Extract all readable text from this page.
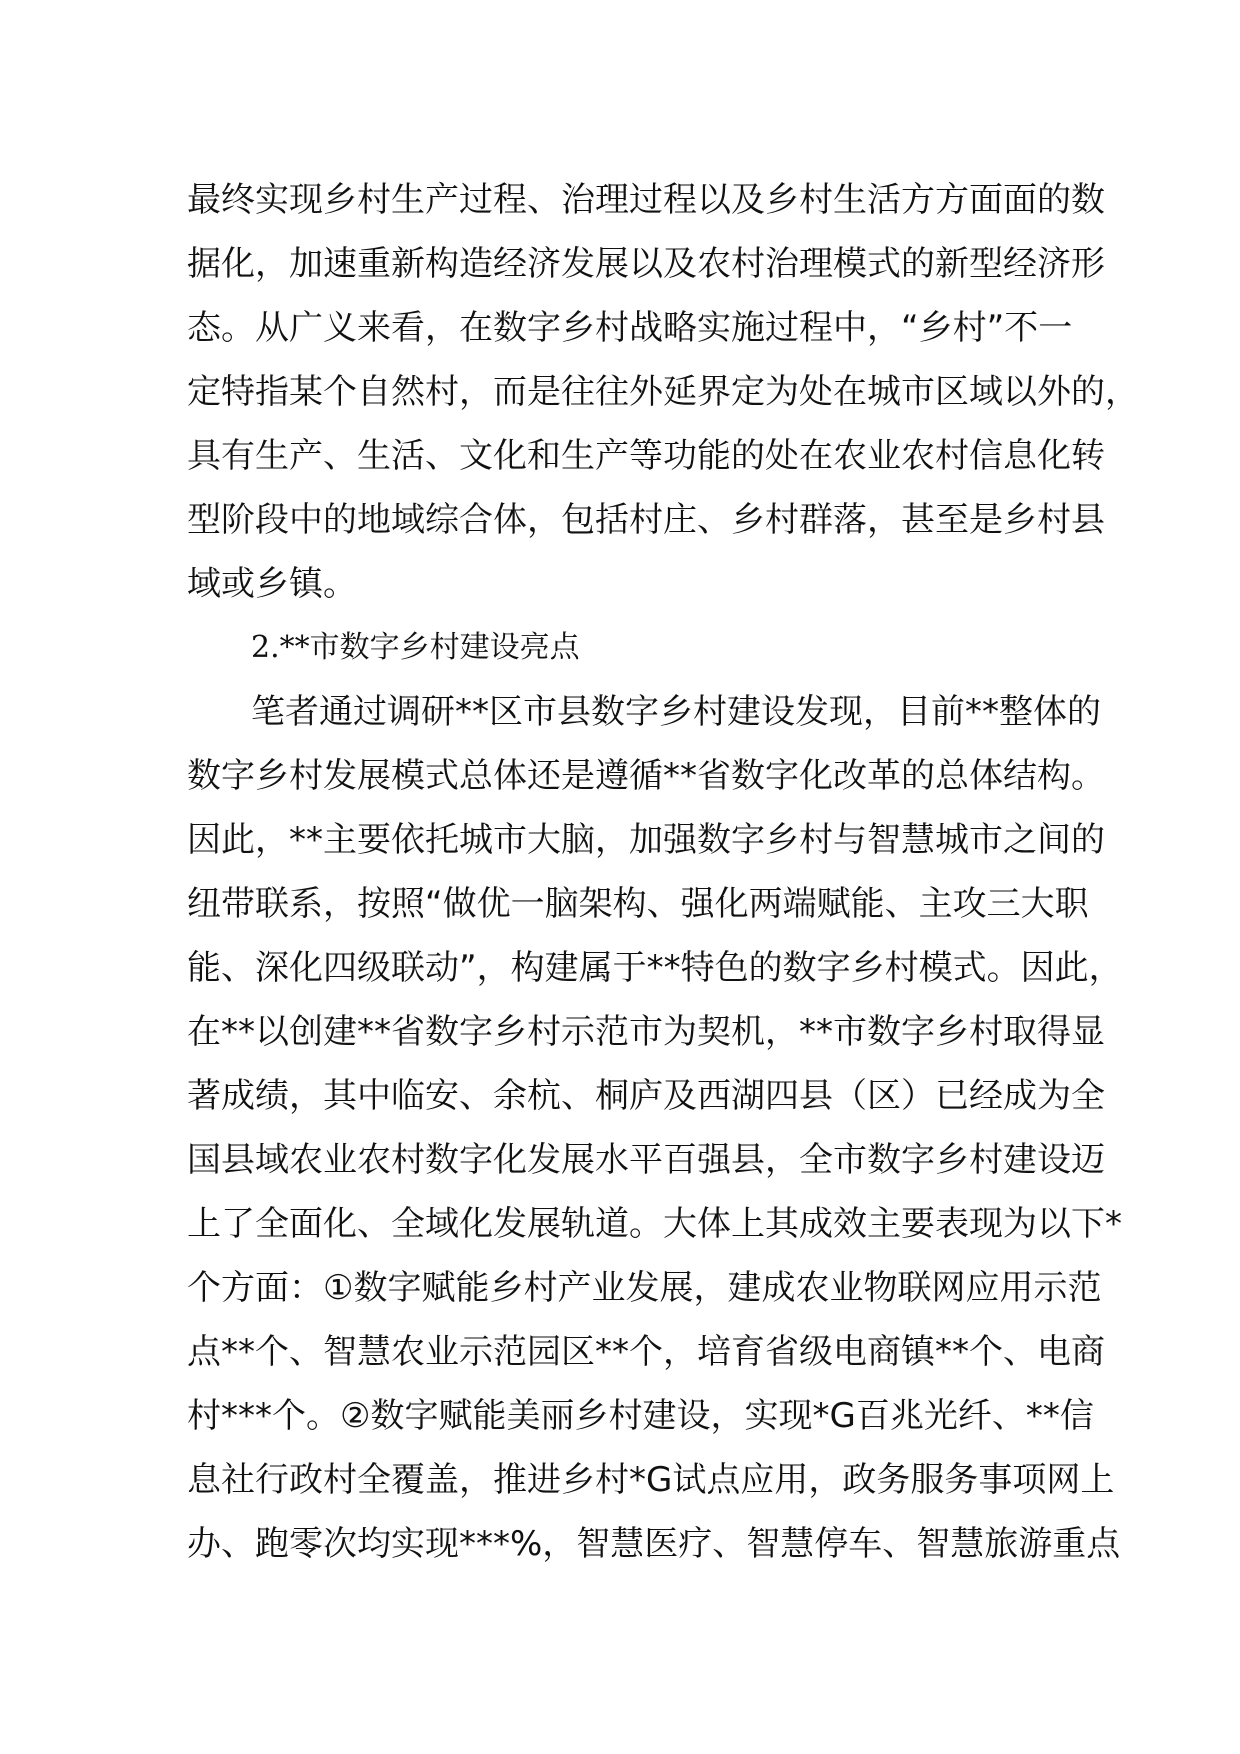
最终实现乡村生产过程、治理过程以及乡村生活方方面面的数
据化，加速重新构造经济发展以及农村治理模式的新型经济形
态。从广义来看，在数字乡村战略实施过程中，“乡村”不一
定特指某个自然村，而是往往外延界定为处在城市区域以外的，
具有生产、生活、文化和生产等功能的处在农业农村信息化转
型阶段中的地域综合体，包括村庄、乡村群落，甚至是乡村县
域或乡镇。
2.**市数字乡村建设亮点
笔者通过调研**区市县数字乡村建设发现，目前**整体的
数字乡村发展模式总体还是遵循**省数字化改革的总体结构。
因此，**主要依托城市大脑，加强数字乡村与智慧城市之间的
纽带联系，按照“做优一脑架构、强化两端赋能、主攻三大职
能、深化四级联动”，构建属于**特色的数字乡村模式。因此，
在**以创建**省数字乡村示范市为契机，**市数字乡村取得显
著成绩，其中临安、余杭、桐庐及西湖四县（区）已经成为全
国县域农业农村数字化发展水平百强县，全市数字乡村建设迈
上了全面化、全域化发展轨道。大体上其成效主要表现为以下*
个方面：①数字赋能乡村产业发展，建成农业物联网应用示范
点**个、智慧农业示范园区**个，培育省级电商镇**个、电商
村***个。②数字赋能美丽乡村建设，实现*G百兆光纤、**信
息社行政村全覆盖，推进乡村*G试点应用，政务服务事项网上
办、跑零次均实现***%，智慧医疗、智慧停车、智慧旅游重点
